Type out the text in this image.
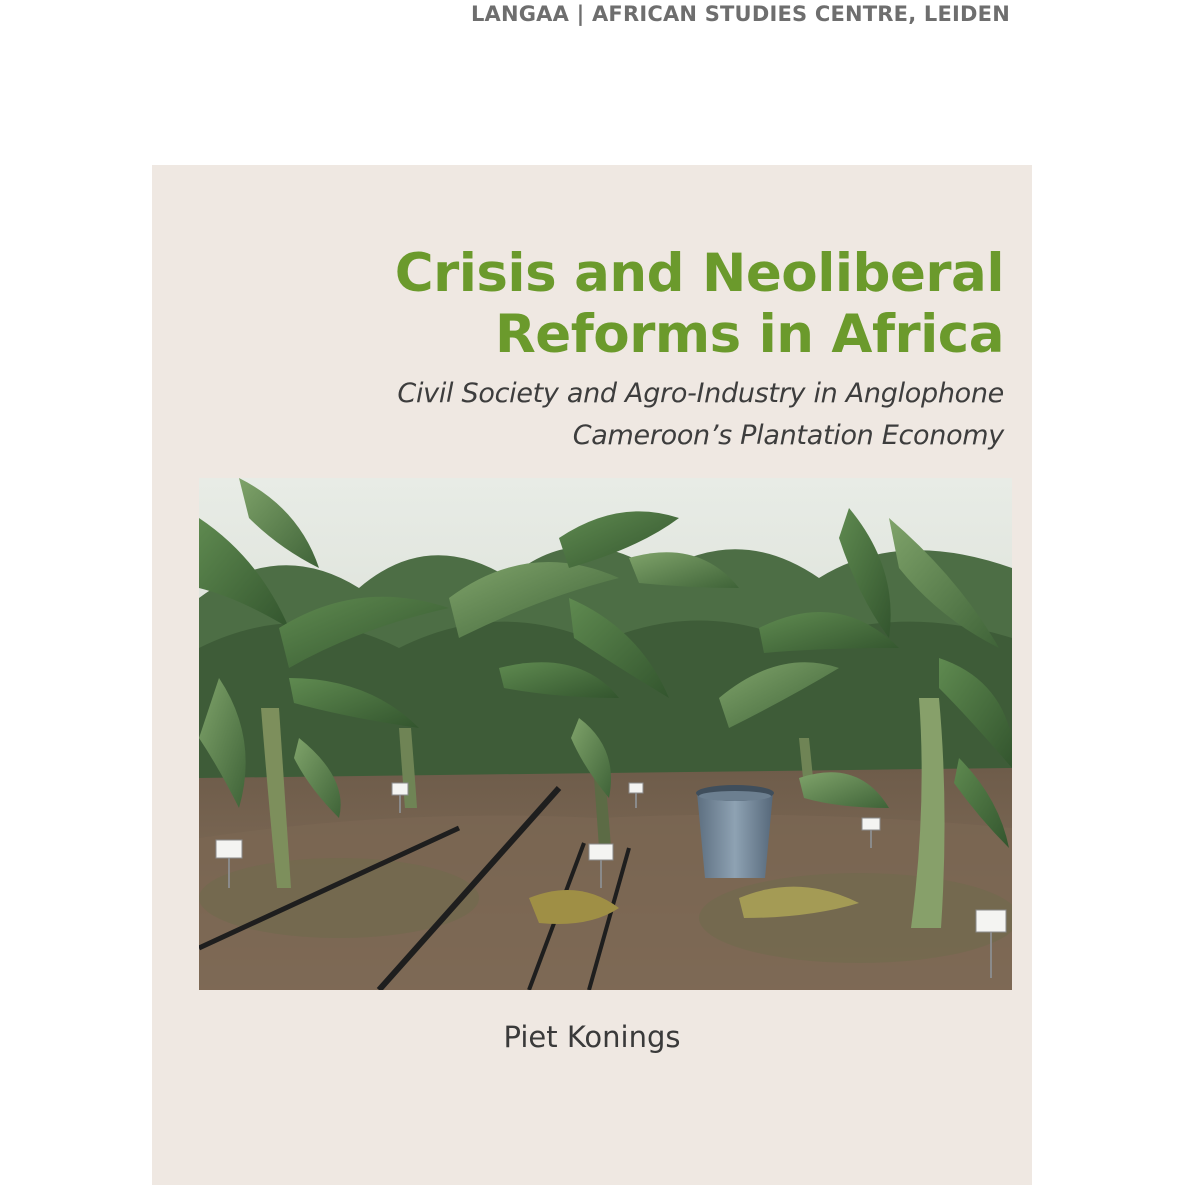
LANGAA | AFRICAN STUDIES CENTRE, LEIDEN
Crisis and Neoliberal
Reforms in Africa
Civil Society and Agro-Industry in Anglophone
Cameroon’s Plantation Economy
Piet Konings
